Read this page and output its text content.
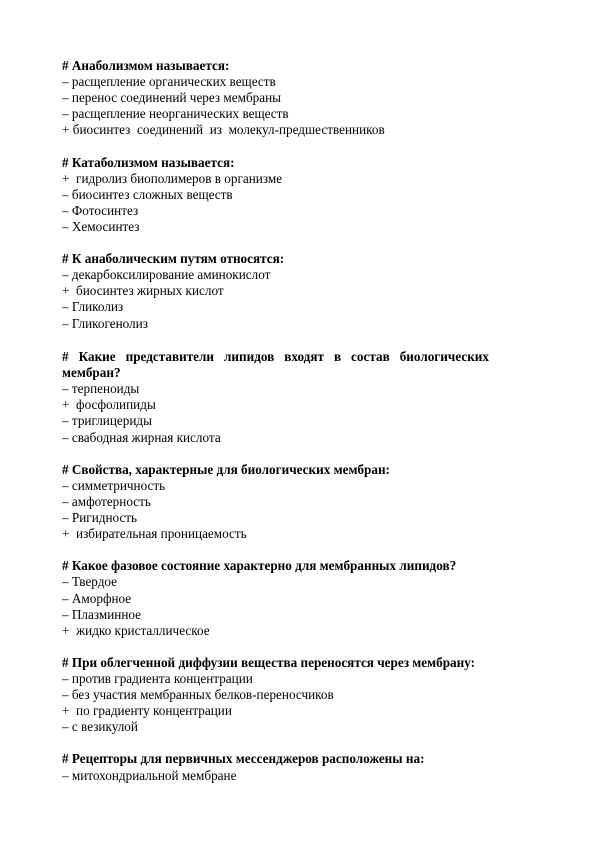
# Анаболизмом называется:
– расщепление органических веществ
– перенос соединений через мембраны
– расщепление неорганических веществ
+ биосинтез  соединений  из  молекул-предшественников
# Катаболизмом называется:
+  гидролиз биополимеров в организме
– биосинтез сложных веществ
– Фотосинтез
– Хемосинтез
# К анаболическим путям относятся:
– декарбоксилирование аминокислот
+  биосинтез жирных кислот
– Гликолиз
– Гликогенолиз
# Какие представители липидов входят в состав биологических
мембран?
– терпеноиды
+  фосфолипиды
– триглицериды
– свабодная жирная кислота
# Свойства, характерные для биологических мембран:
– симметричность
– амфотерность
– Ригидность
+  избирательная проницаемость
# Какое фазовое состояние характерно для мембранных липидов?
– Твердое
– Аморфное
– Плазминное
+  жидко кристаллическое
# При облегченной диффузии вещества переносятся через мембрану:
– против градиента концентрации
– без участия мембранных белков-переносчиков
+  по градиенту концентрации
– с везикулой
# Рецепторы для первичных мессенджеров расположены на:
– митохондриальной мембране
